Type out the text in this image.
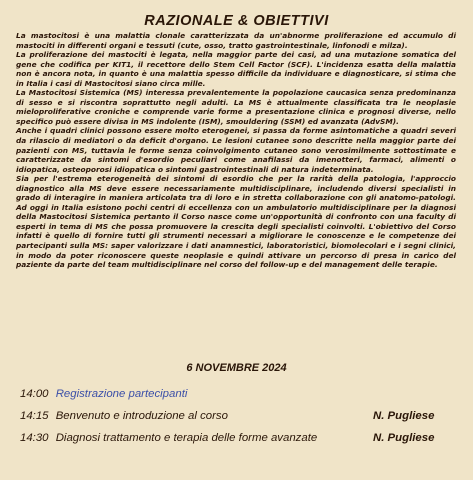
RAZIONALE & OBIETTIVI

La mastocitosi è una malattia clonale caratterizzata da un'abnorme proliferazione ed accumulo di mastociti in differenti organi e tessuti (cute, osso, tratto gastrointestinale, linfonodi e milza).

La proliferazione dei mastociti è legata, nella maggior parte dei casi, ad una mutazione somatica del gene che codifica per KIT1, il recettore dello Stem Cell Factor (SCF). L'incidenza esatta della malattia non è ancora nota, in quanto è una malattia spesso difficile da individuare e diagnosticare, si stima che in Italia i casi di Mastocitosi siano circa mille.

La Mastocitosi Sistemica (MS) interessa prevalentemente la popolazione caucasica senza predominanza di sesso e si riscontra soprattutto negli adulti. La MS è attualmente classificata tra le neoplasie mieloproliferative croniche e comprende varie forme a presentazione clinica e prognosi diverse, nello specifico può essere divisa in MS indolente (ISM), smouldering (SSM) ed avanzata (AdvSM).

Anche i quadri clinici possono essere molto eterogenei, si passa da forme asintomatiche a quadri severi da rilascio di mediatori o da deficit d'organo. Le lesioni cutanee sono descritte nella maggior parte dei pazienti con MS, tuttavia le forme senza coinvolgimento cutaneo sono verosimilmente sottostimate e caratterizzate da sintomi d'esordio peculiari come anafilassi da imenotteri, farmaci, alimenti o idiopatica, osteoporosi idiopatica o sintomi gastrointestinali di natura indeterminata.

Sia per l'estrema eterogeneità dei sintomi di esordio che per la rarità della patologia, l'approccio diagnostico alla MS deve essere necessariamente multidisciplinare, includendo diversi specialisti in grado di interagire in maniera articolata tra di loro e in stretta collaborazione con gli anatomo-patologi. Ad oggi in Italia esistono pochi centri di eccellenza con un ambulatorio multidisciplinare per la diagnosi della Mastocitosi Sistemica pertanto il Corso nasce come un'opportunità di confronto con una faculty di esperti in tema di MS che possa promuovere la crescita degli specialisti coinvolti. L'obiettivo del Corso infatti è quello di fornire tutti gli strumenti necessari a migliorare le conoscenze e le competenze dei partecipanti sulla MS: saper valorizzare i dati anamnestici, laboratoristici, biomolecolari e i segni clinici, in modo da poter riconoscere queste neoplasie e quindi attivare un percorso di presa in carico del paziente da parte del team multidisciplinare nel corso del follow-up e del management delle terapie.

6 NOVEMBRE 2024
14:00 Registrazione partecipanti
14:15 Benvenuto e introduzione al corso	N. Pugliese
14:30 Diagnosi trattamento e terapia delle forme avanzate	N. Pugliese
